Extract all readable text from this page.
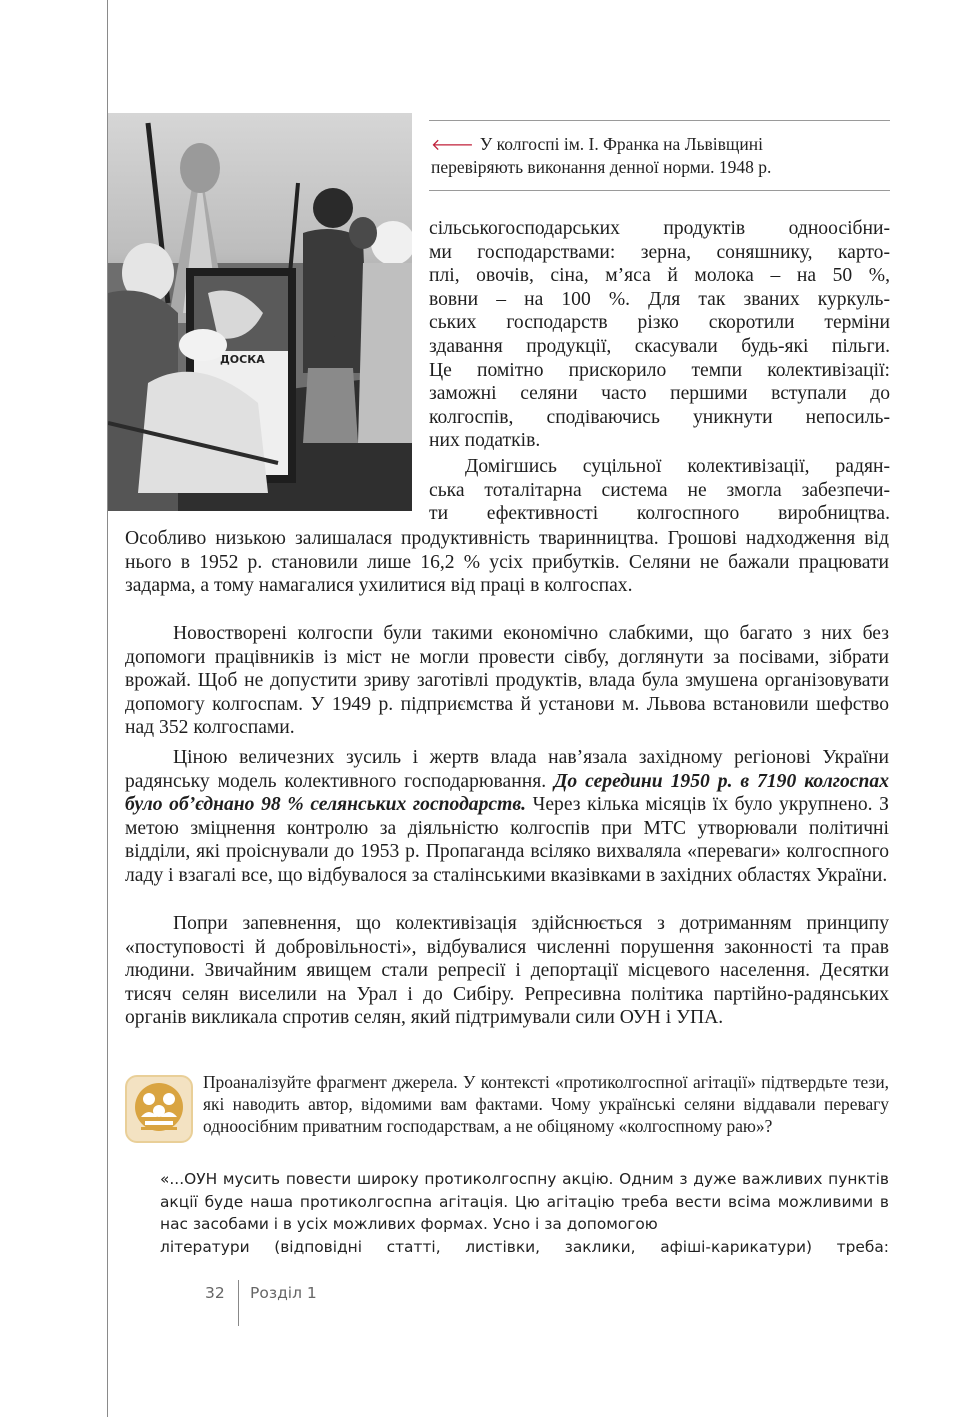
ДОСКА
🡐 У колгоспі ім. І. Франка на Львівщині
перевіряють виконання денної норми. 1948 р.
сільськогосподарських продуктів одноосібни-
ми господарствами: зерна, соняшнику, карто-
плі, овочів, сіна, м’яса й молока – на 50 %,
вовни – на 100 %. Для так званих куркуль-
ських господарств різко скоротили терміни
здавання продукції, скасували будь-які пільги.
Це помітно прискорило темпи колективізації:
заможні селяни часто першими вступали до
колгоспів, сподіваючись уникнути непосиль-
них податків.
Домігшись суцільної колективізації, радян-
ська тоталітарна система не змогла забезпечи-
ти ефективності колгоспного виробництва.
Особливо низькою залишалася продуктивність тваринництва. Грошові надходження від нього в 1952 р. становили лише 16,2 % усіх прибутків. Селяни не бажали працювати задарма, а тому намагалися ухилитися від праці в колгоспах.
Новостворені колгоспи були такими економічно слабкими, що багато з них без допомоги працівників із міст не могли провести сівбу, доглянути за посівами, зібрати врожай. Щоб не допустити зриву заготівлі продуктів, влада була змушена організовувати допомогу колгоспам. У 1949 р. підприємства й установи м. Львова встановили шефство над 352 колгоспами.
Ціною величезних зусиль і жертв влада нав’язала західному регіонові України радянську модель колективного господарювання. До середини 1950 р. в 7190 колгоспах було об’єднано 98 % селянських господарств. Через кілька місяців їх було укрупнено. З метою зміцнення контролю за діяльністю колгоспів при МТС утворювали політичні відділи, які проіснували до 1953 р. Пропаганда всіляко вихваляла «переваги» колгоспного ладу і взагалі все, що відбувалося за сталінськими вказівками в західних областях України.
Попри запевнення, що колективізація здійснюється з дотриманням принципу «поступовості й добровільності», відбувалися численні порушення законності та прав людини. Звичайним явищем стали репресії і депортації місцевого населення. Десятки тисяч селян виселили на Урал і до Сибіру. Репресивна політика партійно-радянських органів викликала спротив селян, який підтримували сили ОУН і УПА.
Проаналізуйте фрагмент джерела. У контексті «протиколгоспної агітації» підтвердьте тези, які наводить автор, відомими вам фактами. Чому українські селяни віддавали перевагу одноосібним приватним господарствам, а не обіцяному «колгоспному раю»?
«...ОУН мусить повести широку протиколгоспну акцію. Одним з дуже важливих пунктів акції буде наша протиколгоспна агітація. Цю агітацію треба вести всіма можливими в нас засобами і в усіх можливих формах. Усно і за допомогою
літератури (відповідні статті, листівки, заклики, афіші-карикатури) треба:
32 Розділ 1
